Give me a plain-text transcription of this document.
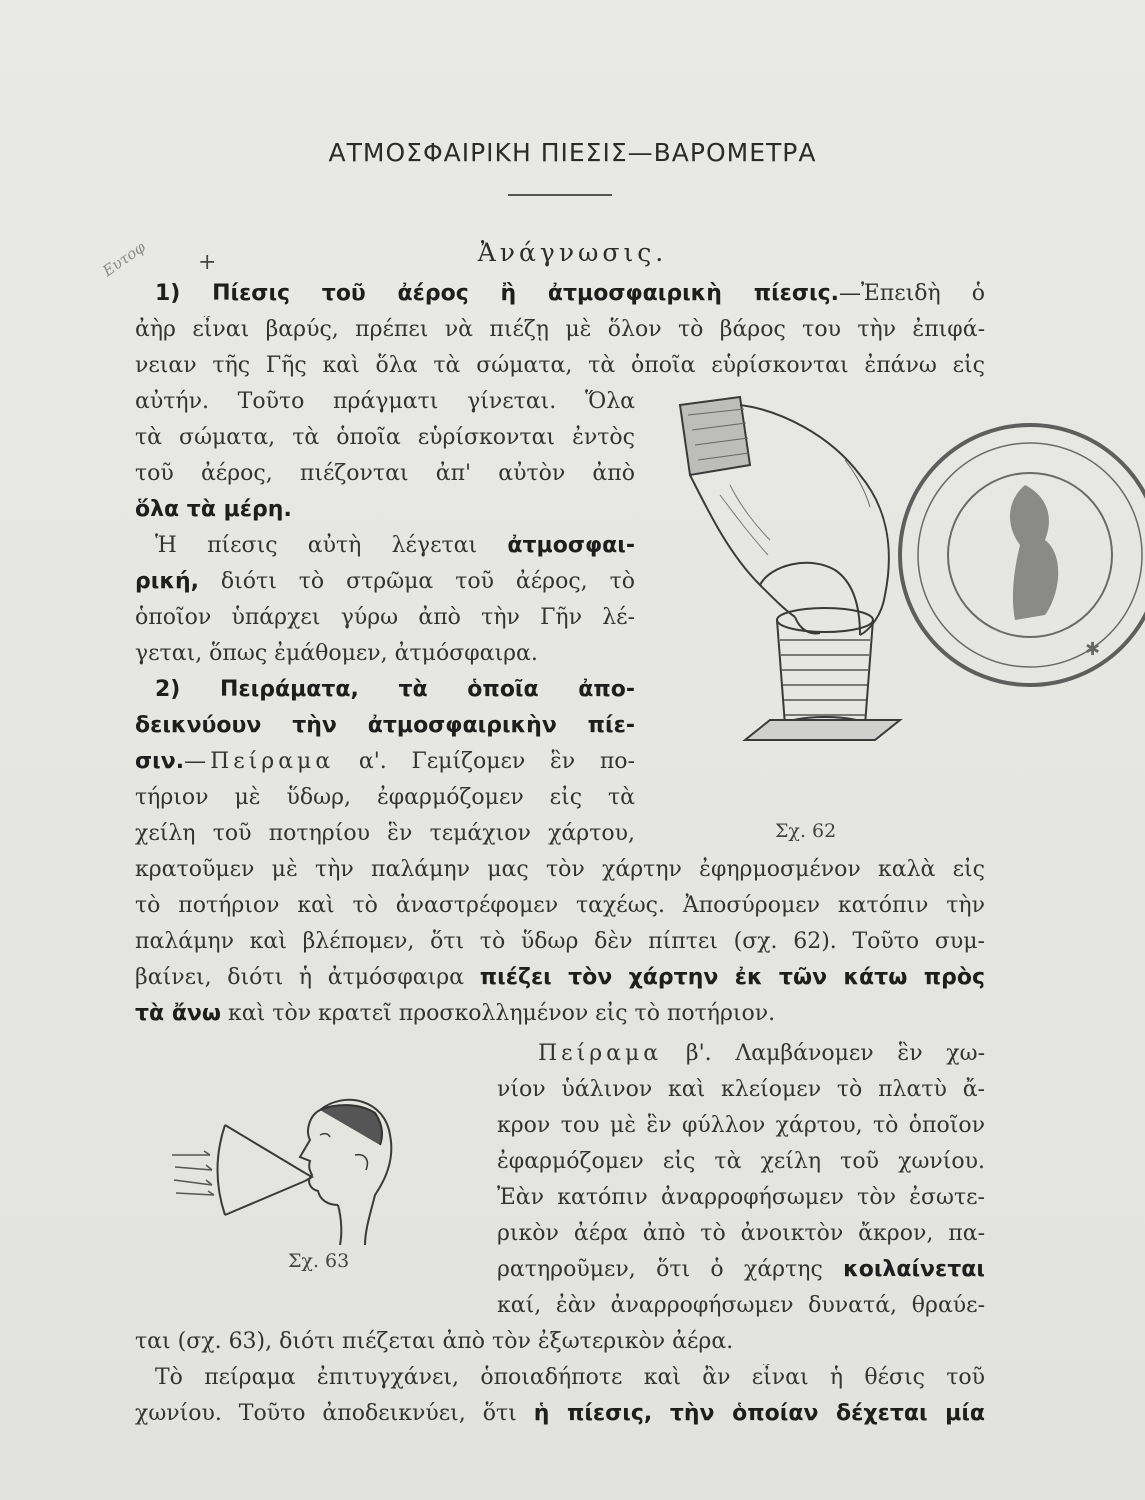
ΑΤΜΟΣΦΑΙΡΙΚΗ ΠΙΕΣΙΣ—ΒΑΡΟΜΕΤΡΑ
Ἀνάγνωσις.
Ευτοφ +
1) Πίεσις τοῦ ἀέρος ἢ ἀτμοσφαιρικὴ πίεσις.—Ἐπειδὴ ὁ
ἀὴρ εἶναι βαρύς, πρέπει νὰ πιέζῃ μὲ ὅλον τὸ βάρος του τὴν ἐπιφά-
νειαν τῆς Γῆς καὶ ὅλα τὰ σώματα, τὰ ὁποῖα εὑρίσκονται ἐπάνω εἰς
αὐτήν. Τοῦτο πράγματι γίνεται. Ὅλα
τὰ σώματα, τὰ ὁποῖα εὑρίσκονται ἐντὸς
τοῦ ἀέρος, πιέζονται ἀπ' αὐτὸν ἀπὸ
ὅλα τὰ μέρη.
Ἡ πίεσις αὐτὴ λέγεται ἀτμοσφαι-
ρική, διότι τὸ στρῶμα τοῦ ἀέρος, τὸ
ὁποῖον ὑπάρχει γύρω ἀπὸ τὴν Γῆν λέ-
γεται, ὅπως ἐμάθομεν, ἀτμόσφαιρα.
2) Πειράματα, τὰ ὁποῖα ἀπο-
δεικνύουν τὴν ἀτμοσφαιρικὴν πίε-
σιν.—Πείραμα α'. Γεμίζομεν ἓν πο-
τήριον μὲ ὕδωρ, ἐφαρμόζομεν εἰς τὰ
χείλη τοῦ ποτηρίου ἓν τεμάχιον χάρτου,
κρατοῦμεν μὲ τὴν παλάμην μας τὸν χάρτην ἐφηρμοσμένον καλὰ εἰς
τὸ ποτήριον καὶ τὸ ἀναστρέφομεν ταχέως. Ἀποσύρομεν κατόπιν τὴν
παλάμην καὶ βλέπομεν, ὅτι τὸ ὕδωρ δὲν πίπτει (σχ. 62). Τοῦτο συμ-
βαίνει, διότι ἡ ἀτμόσφαιρα πιέζει τὸν χάρτην ἐκ τῶν κάτω πρὸς
τὰ ἄνω καὶ τὸν κρατεῖ προσκολλημένον εἰς τὸ ποτήριον.
Πείραμα β'. Λαμβάνομεν ἓν χω-
νίον ὑάλινον καὶ κλείομεν τὸ πλατὺ ἄ-
κρον του μὲ ἓν φύλλον χάρτου, τὸ ὁποῖον
ἐφαρμόζομεν εἰς τὰ χείλη τοῦ χωνίου.
Ἐὰν κατόπιν ἀναρροφήσωμεν τὸν ἐσωτε-
ρικὸν ἀέρα ἀπὸ τὸ ἀνοικτὸν ἄκρον, πα-
ρατηροῦμεν, ὅτι ὁ χάρτης κοιλαίνεται
καί, ἐὰν ἀναρροφήσωμεν δυνατά, θραύε-
ται (σχ. 63), διότι πιέζεται ἀπὸ τὸν ἐξωτερικὸν ἀέρα.
Τὸ πείραμα ἐπιτυγχάνει, ὁποιαδήποτε καὶ ἂν εἶναι ἡ θέσις τοῦ
χωνίου. Τοῦτο ἀποδεικνύει, ὅτι ἡ πίεσις, τὴν ὁποίαν δέχεται μία
Σχ. 62
✱
Σχ. 63
